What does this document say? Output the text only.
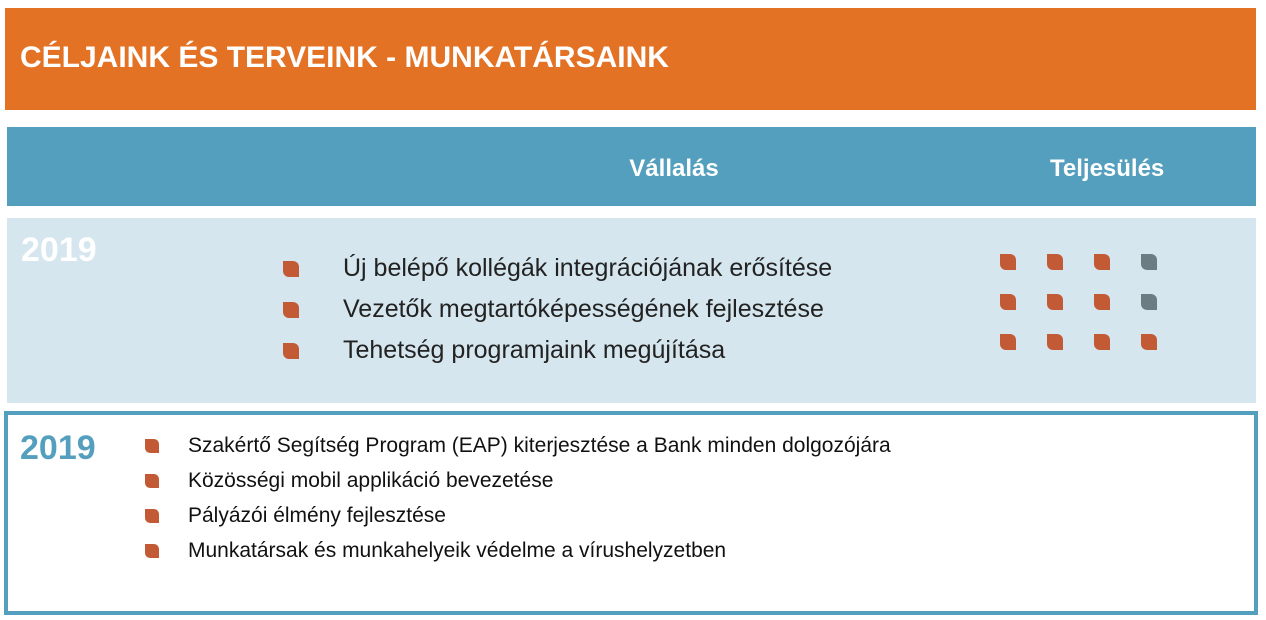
CÉLJAINK ÉS TERVEINK - MUNKATÁRSAINK
Vállalás	Teljesülés
2019	Új belépő kollégák integrációjának erősítése
Vezetők megtartóképességének fejlesztése
Tehetség programjaink megújítása
2019	Szakértő Segítség Program (EAP) kiterjesztése a Bank minden dolgozójára
Közösségi mobil applikáció bevezetése
Pályázói élmény fejlesztése
Munkatársak és munkahelyeik védelme a vírushelyzetben
